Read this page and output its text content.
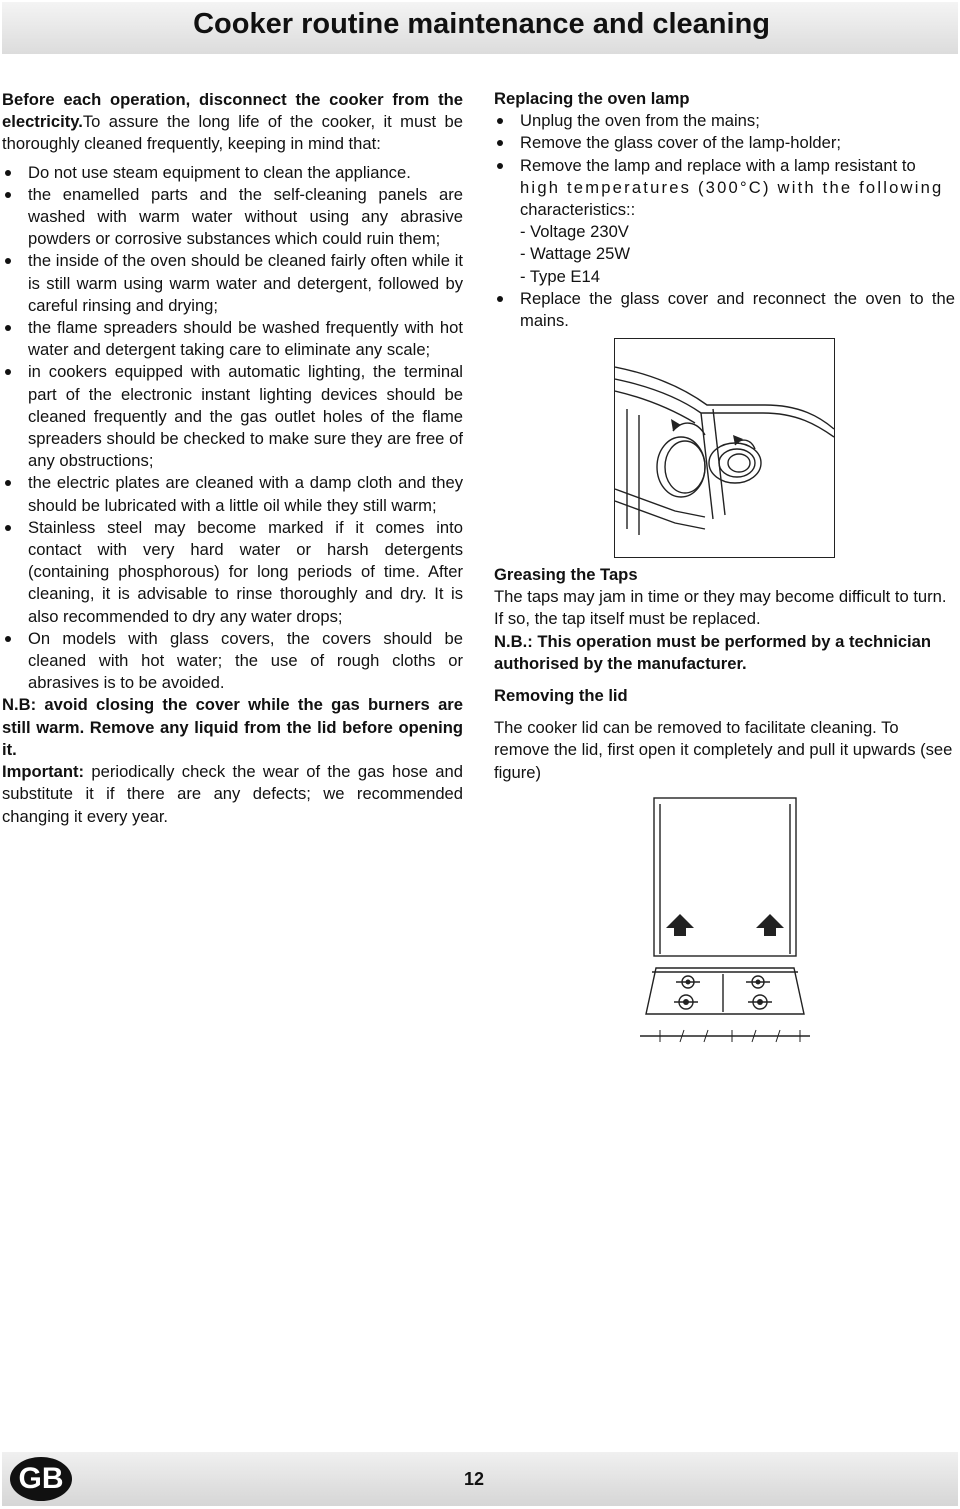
Cooker routine maintenance and cleaning

Before each operation, disconnect the cooker from the electricity.To assure the long life of the cooker, it must be thoroughly cleaned frequently, keeping in mind that:

Do not use steam equipment to clean the appliance.
the enamelled parts and the self-cleaning panels are washed with warm water without using any abrasive powders or corrosive substances which could ruin them;
the inside of the oven should be cleaned fairly often while it is still warm using warm water and detergent, followed by careful rinsing and drying;
the flame spreaders should be washed frequently with hot water and detergent taking care to eliminate any scale;
in cookers equipped with automatic lighting, the terminal part of the electronic instant lighting devices should be cleaned frequently and the gas outlet holes of the flame spreaders should be checked to make sure they are free of any obstructions;
the electric plates are cleaned with a damp cloth and they should be lubricated with a little oil while they still warm;
Stainless steel may become marked if it comes into contact with very hard water or harsh detergents (containing phosphorous) for long periods of time. After cleaning, it is advisable to rinse thoroughly and dry. It is also recommended to dry any water drops;
On models with glass covers, the covers should be cleaned with hot water; the use of rough cloths or abrasives is to be avoided.

N.B: avoid closing the cover while the gas burners are still warm. Remove any liquid from the lid before opening it.

Important: periodically check the wear of the gas hose and substitute it if there are any defects; we recommended changing it every year.

Replacing the oven lamp

Unplug the oven from the mains;
Remove the glass cover of the lamp-holder;
Remove the lamp and replace with a lamp resistant to
high temperatures (300°C) with the following
characteristics::
- Voltage 230V
- Wattage 25W
- Type E14
Replace the glass cover and reconnect the oven to the mains.

Greasing the Taps

The taps may jam in time or they may become difficult to turn. If so, the tap itself must be replaced.

N.B.: This operation must be performed by a technician authorised by the manufacturer.

Removing the lid

The cooker lid can be removed to facilitate cleaning. To remove the lid, first open it completely and pull it upwards (see figure)

GB	12
